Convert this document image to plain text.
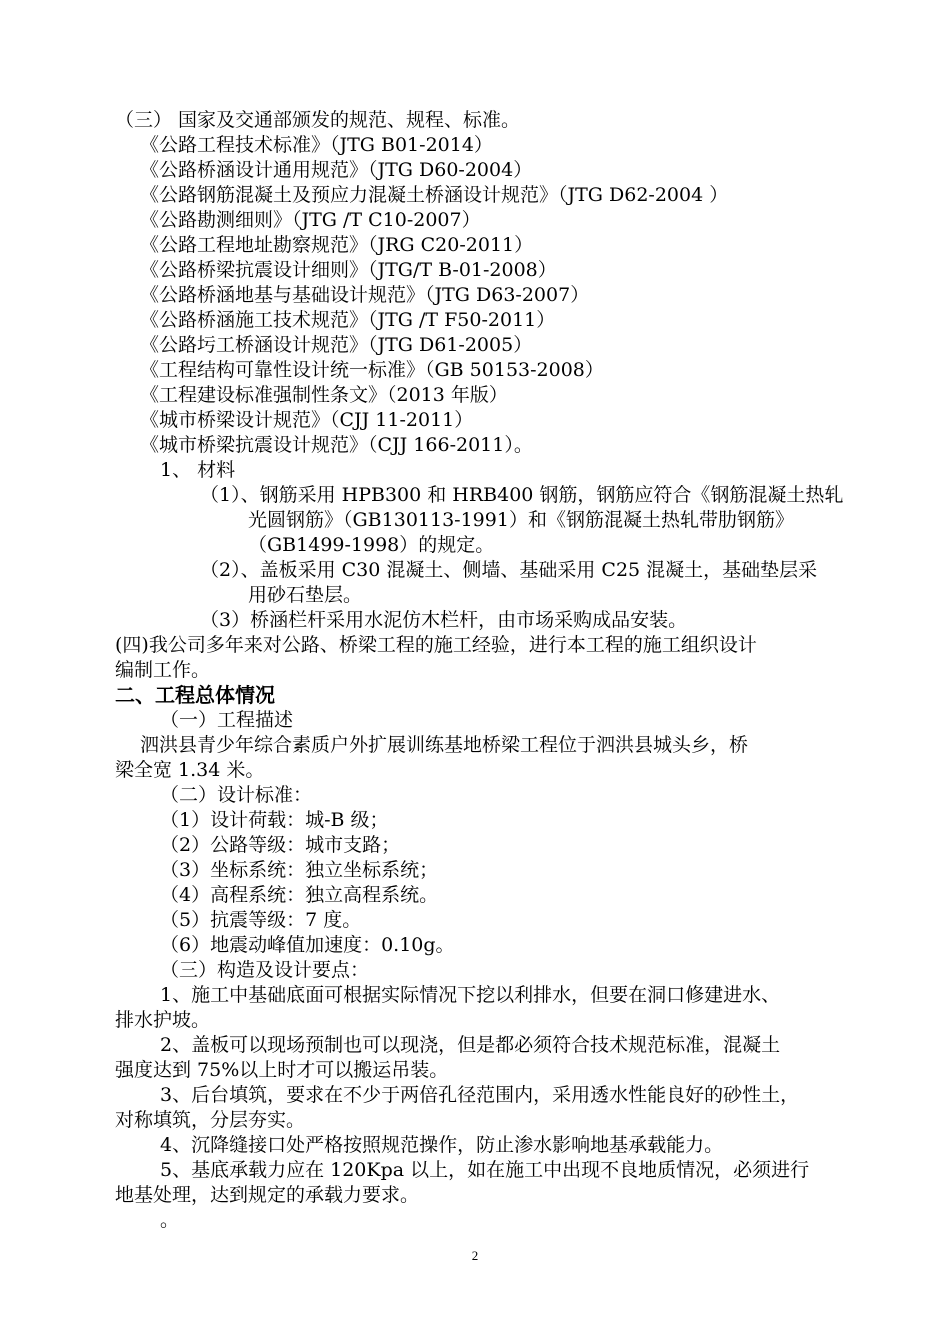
（三） 国家及交通部颁发的规范、规程、标准。
《公路工程技术标准》（JTG B01-2014）
《公路桥涵设计通用规范》（JTG D60-2004）
《公路钢筋混凝土及预应力混凝土桥涵设计规范》（JTG D62-2004 ）
《公路勘测细则》（JTG /T C10-2007）
《公路工程地址勘察规范》（JRG C20-2011）
《公路桥梁抗震设计细则》（JTG/T B-01-2008）
《公路桥涵地基与基础设计规范》（JTG D63-2007）
《公路桥涵施工技术规范》（JTG /T F50-2011）
《公路圬工桥涵设计规范》（JTG D61-2005）
《工程结构可靠性设计统一标准》（GB 50153-2008）
《工程建设标准强制性条文》（2013 年版）
《城市桥梁设计规范》（CJJ 11-2011）
《城市桥梁抗震设计规范》（CJJ 166-2011）。
1、 材料
（1）、钢筋采用 HPB300 和 HRB400 钢筋，钢筋应符合《钢筋混凝土热轧
光圆钢筋》（GB130113-1991）和《钢筋混凝土热轧带肋钢筋》
（GB1499-1998）的规定。
（2）、盖板采用 C30 混凝土、侧墙、基础采用 C25 混凝土，基础垫层采
用砂石垫层。
（3）桥涵栏杆采用水泥仿木栏杆，由市场采购成品安装。
(四)我公司多年来对公路、桥梁工程的施工经验，进行本工程的施工组织设计
编制工作。
二、工程总体情况
（一）工程描述
泗洪县青少年综合素质户外扩展训练基地桥梁工程位于泗洪县城头乡，桥
梁全宽 1.34 米。
（二）设计标准：
（1）设计荷载：城-B 级；
（2）公路等级：城市支路；
（3）坐标系统：独立坐标系统；
（4）高程系统：独立高程系统。
（5）抗震等级：7 度。
（6）地震动峰值加速度：0.10g。
（三）构造及设计要点：
1、施工中基础底面可根据实际情况下挖以利排水，但要在洞口修建进水、
排水护坡。
2、盖板可以现场预制也可以现浇，但是都必须符合技术规范标准，混凝土
强度达到 75%以上时才可以搬运吊装。
3、后台填筑，要求在不少于两倍孔径范围内，采用透水性能良好的砂性土，
对称填筑，分层夯实。
4、沉降缝接口处严格按照规范操作，防止渗水影响地基承载能力。
5、基底承载力应在 120Kpa 以上，如在施工中出现不良地质情况，必须进行
地基处理，达到规定的承载力要求。
。
2
